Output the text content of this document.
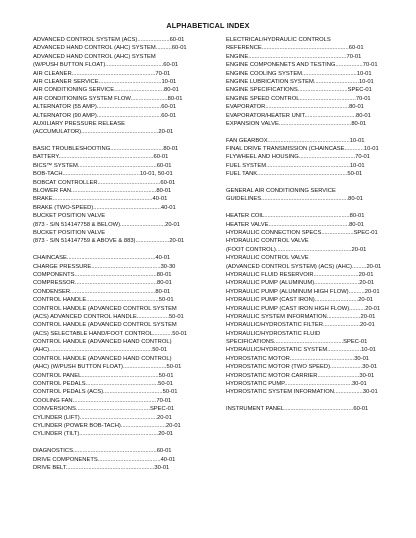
ALPHABETICAL INDEX
ADVANCED CONTROL SYSTEM (ACS)....................60-01
ADVANCED HAND CONTROL (AHC) SYSTEM..........60-01
ADVANCED HAND CONTROL (AHC) SYSTEM
(W/PUSH BUTTON FLOAT)....................................60-01
AIR CLEANER....................................................70-01
AIR CLEANER SERVICE.......................................10-01
AIR CONDITIONING SERVICE...............................80-01
AIR CONDITIONING SYSTEM FLOW.......................80-01
ALTERNATOR (55 AMP)........................................60-01
ALTERNATOR (90 AMP)........................................60-01
AUXILIARY PRESSURE RELEASE
(ACCUMULATOR)................................................20-01
BASIC TROUBLESHOOTING.................................80-01
BATTERY...........................................................60-01
BICS™ SYSTEM.................................................60-01
BOB-TACH................................................10-01, 50-01
BOBCAT CONTROLLER.......................................60-01
BLOWER FAN.....................................................80-01
BRAKE..............................................................40-01
BRAKE (TWO-SPEED)..........................................40-01
BUCKET POSITION VALVE
(873 - S/N 514147758 & BELOW)............................20-01
BUCKET POSITION VALVE
(873 - S/N 514147759 & ABOVE & 883).....................20-01
CHAINCASE.......................................................40-01
CHARGE PRESSURE...........................................30-30
COMPONENTS...................................................80-01
COMPRESSOR...................................................80-01
CONDENSER.....................................................80-01
CONTROL HANDLE.............................................50-01
CONTROL HANDLE (ADVANCED CONTROL SYSTEM
(ACS) ADVANCED CONTROL HANDLE....................50-01
CONTROL HANDLE (ADVANCED CONTROL SYSTEM
(ACS) SELECTABLE HAND/FOOT CONTROL............50-01
CONTROL HANDLE (ADVANCED HAND CONTROL)
(AHC)................................................................50-01
CONTROL HANDLE (ADVANCED HAND CONTROL)
(AHC) (W/PUSH BUTTON FLOAT)...........................50-01
CONTROL PANEL................................................50-01
CONTROL PEDALS.............................................50-01
CONTROL PEDALS (ACS).....................................50-01
COOLING FAN....................................................70-01
CONVERSIONS..............................................SPEC-01
CYLINDER (LIFT)................................................20-01
CYLINDER (POWER BOB-TACH)............................20-01
CYLINDER (TILT).................................................20-01
DIAGNOSTICS....................................................60-01
DRIVE COMPONENETS.......................................40-01
DRIVE BELT.......................................................30-01
ELECTRICAL/HYDRAULIC CONTROLS
REFERENCE......................................................60-01
ENGINE.............................................................70-01
ENGINE COMPONENETS AND TESTING.................70-01
ENGINE COOLING SYSTEM..................................10-01
ENGINE LUBRICATION SYSTEM............................10-01
ENGINE SPECIFICATIONS...............................SPEC-01
ENGINE SPEED CONTROL...................................70-01
EVAPORATOR....................................................80-01
EVAPORATOR/HEATER UNIT................................80-01
EXPANSION VALVE.............................................80-01
FAN GEARBOX...................................................10-01
FINAL DRIVE TRANSMISSION (CHAINCASE............10-01
FLYWHEEL AND HOUSING...................................70-01
FUEL SYSTEM....................................................10-01
FUEL TANK........................................................50-01
GENERAL AIR CONDITIONING SERVICE
GUIDELINES......................................................80-01
HEATER COIL.....................................................80-01
HEATER VALVE..................................................80-01
HYDRAULIC CONNECTION SPECS....................SPEC-01
HYDRAULIC CONTROL VALVE
(FOOT CONTROL)...............................................20-01
HYDRAULIC CONTROL VALVE
(ADVANCED CONTROL SYSTEM) (ACS) (AHC).........20-01
HYDRAULIC FLUID RESERVOIR............................20-01
HYDRAULIC PUMP (ALUMINUM)............................20-01
HYDRAULIC PUMP (ALUMINUM HIGH FLOW)..........20-01
HYDRAULIC PUMP (CAST IRON)...........................20-01
HYDRAULIC PUMP (CAST IRON HIGH FLOW)..........20-01
HYDRAULIC SYSTEM INFORMATION.....................20-01
HYDRAULIC/HYDROSTATIC FILTER.......................20-01
HYDRAULIC/HYDROSTATIC FLUID
SPECIFICATIONS...........................................SPEC-01
HYDRAULIC/HYDROSTATIC SYSTEM.....................10-01
HYDROSTATIC MOTOR........................................30-01
HYDROSTATIC MOTOR (TWO SPEED)....................30-01
HYDROSTATIC MOTOR CARRIER..........................30-01
HYDROSTATIC PUMP..........................................30-01
HYDROSTATIC SYSTEM INFORMATION..................30-01
INSTRUMENT PANEL...........................................60-01
